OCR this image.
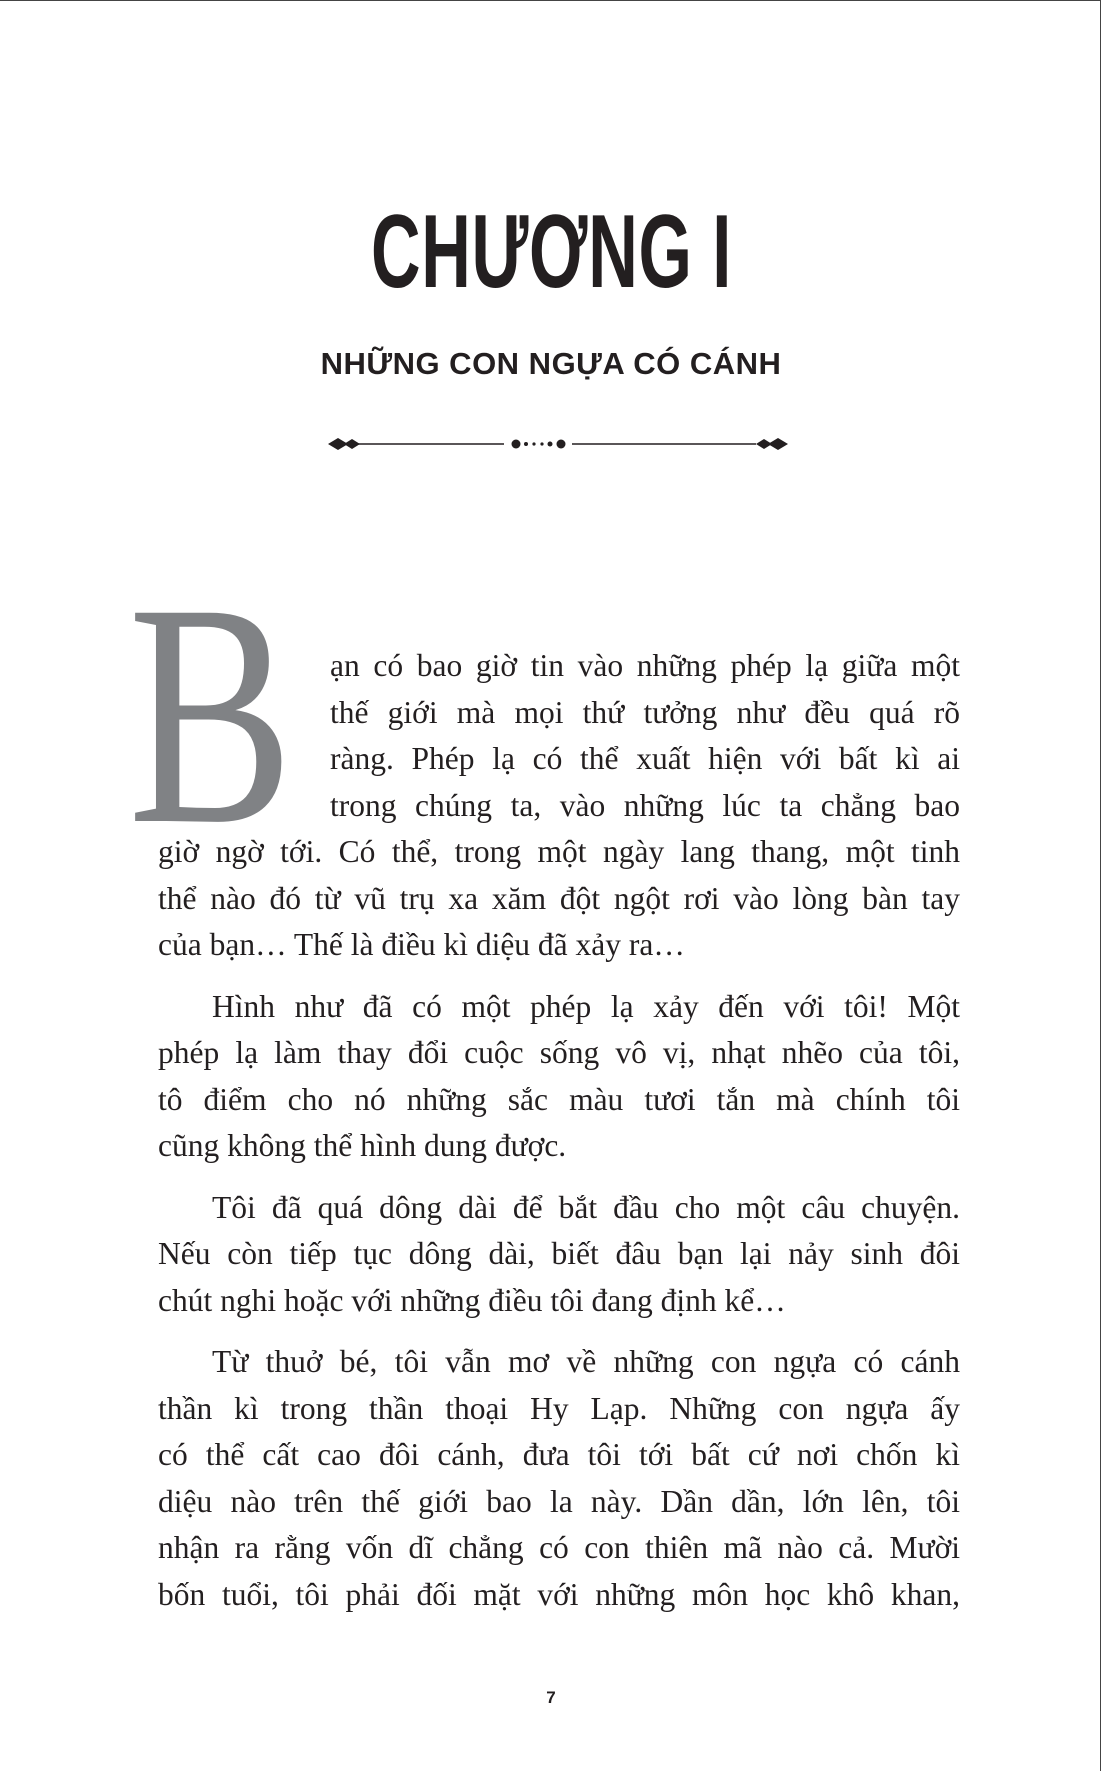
CHƯƠNG I
NHỮNG CON NGỰA CÓ CÁNH
B ạn có bao giờ tin vào những phép lạ giữa một
thế giới mà mọi thứ tưởng như đều quá rõ
ràng. Phép lạ có thể xuất hiện với bất kì ai
trong chúng ta, vào những lúc ta chẳng bao
giờ ngờ tới. Có thể, trong một ngày lang thang, một tinh
thể nào đó từ vũ trụ xa xăm đột ngột rơi vào lòng bàn tay
của bạn… Thế là điều kì diệu đã xảy ra…
Hình như đã có một phép lạ xảy đến với tôi! Một
phép lạ làm thay đổi cuộc sống vô vị, nhạt nhẽo của tôi,
tô điểm cho nó những sắc màu tươi tắn mà chính tôi
cũng không thể hình dung được.
Tôi đã quá dông dài để bắt đầu cho một câu chuyện.
Nếu còn tiếp tục dông dài, biết đâu bạn lại nảy sinh đôi
chút nghi hoặc với những điều tôi đang định kể…
Từ thuở bé, tôi vẫn mơ về những con ngựa có cánh
thần kì trong thần thoại Hy Lạp. Những con ngựa ấy
có thể cất cao đôi cánh, đưa tôi tới bất cứ nơi chốn kì
diệu nào trên thế giới bao la này. Dần dần, lớn lên, tôi
nhận ra rằng vốn dĩ chẳng có con thiên mã nào cả. Mười
bốn tuổi, tôi phải đối mặt với những môn học khô khan,
7
